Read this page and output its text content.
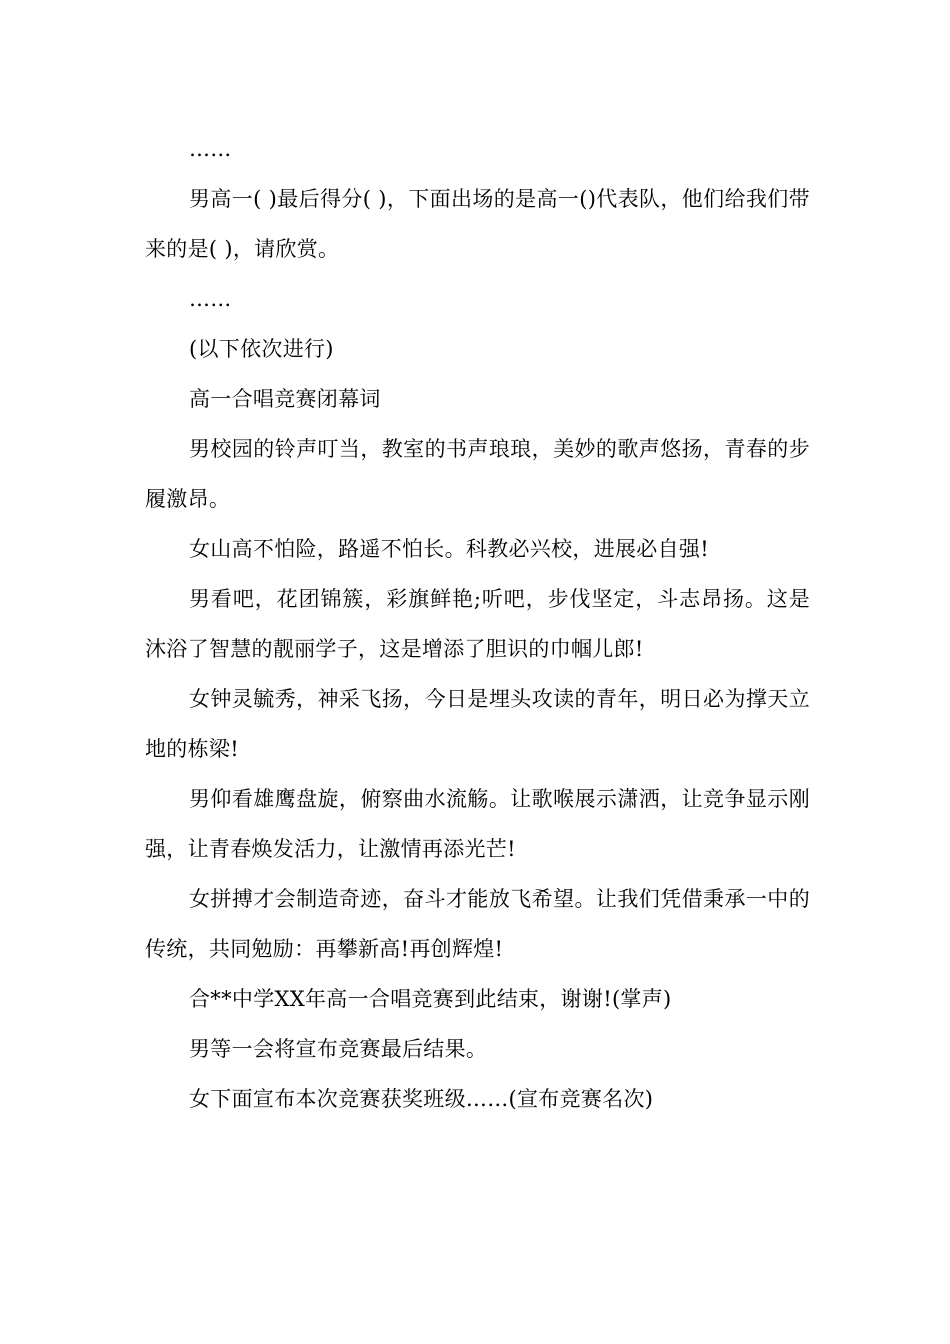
……

男高一( )最后得分( )，下面出场的是高一()代表队，他们给我们带来的是( )，请欣赏。

……

(以下依次进行)

高一合唱竞赛闭幕词

男校园的铃声叮当，教室的书声琅琅，美妙的歌声悠扬，青春的步履激昂。

女山高不怕险，路遥不怕长。科教必兴校，进展必自强!

男看吧，花团锦簇，彩旗鲜艳;听吧，步伐坚定，斗志昂扬。这是沐浴了智慧的靓丽学子，这是增添了胆识的巾帼儿郎!

女钟灵毓秀，神采飞扬，今日是埋头攻读的青年，明日必为撑天立地的栋梁!

男仰看雄鹰盘旋，俯察曲水流觞。让歌喉展示潇洒，让竞争显示刚强，让青春焕发活力，让激情再添光芒!

女拼搏才会制造奇迹，奋斗才能放飞希望。让我们凭借秉承一中的传统，共同勉励：再攀新高!再创辉煌!

合**中学XX年高一合唱竞赛到此结束，谢谢!(掌声)

男等一会将宣布竞赛最后结果。

女下面宣布本次竞赛获奖班级……(宣布竞赛名次)
